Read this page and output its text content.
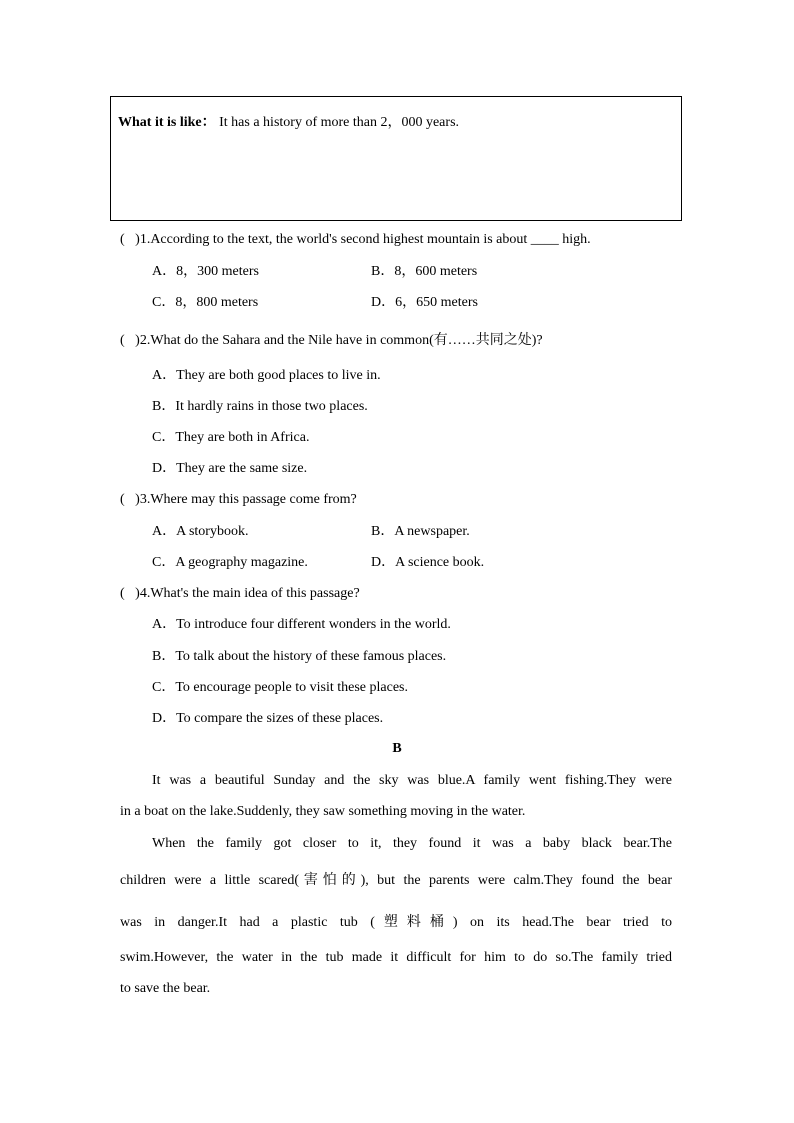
What it is like： It has a history of more than 2，000 years.
(   )1.According to the text, the world's second highest mountain is about ____ high.
A．8，300 meters	B．8，600 meters
C．8，800 meters	D．6，650 meters
(   )2.What do the Sahara and the Nile have in common(有……共同之处)?
A．They are both good places to live in.
B．It hardly rains in those two places.
C．They are both in Africa.
D．They are the same size.
(   )3.Where may this passage come from?
A．A storybook.	B．A newspaper.
C．A geography magazine.	D．A science book.
(   )4.What's the main idea of this passage?
A．To introduce four different wonders in the world.
B．To talk about the history of these famous places.
C．To encourage people to visit these places.
D．To compare the sizes of these places.
B
It was a beautiful Sunday and the sky was blue.A family went fishing.They were
in a boat on the lake.Suddenly, they saw something moving in the water.
When the family got closer to it, they found it was a baby black bear.The
children were a little scared(害怕的), but the parents were calm.They found the bear
was in danger.It had a plastic tub (塑料桶) on its head.The bear tried to
swim.However, the water in the tub made it difficult for him to do so.The family tried
to save the bear.
